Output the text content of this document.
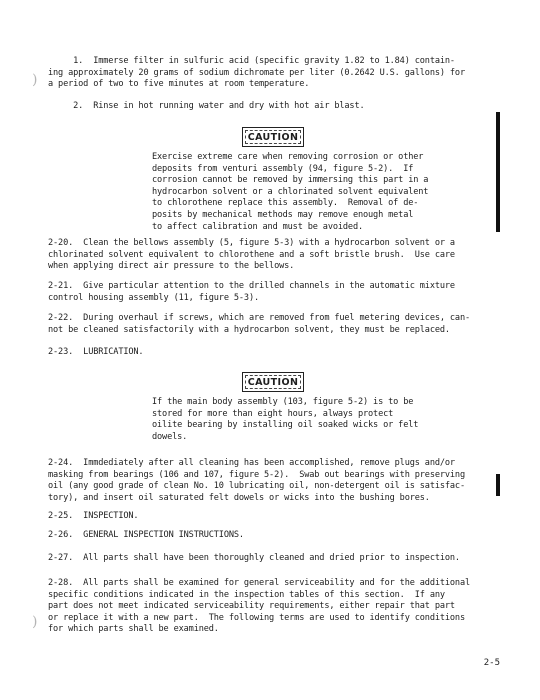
)
)
1.  Immerse filter in sulfuric acid (specific gravity 1.82 to 1.84) contain-
ing approximately 20 grams of sodium dichromate per liter (0.2642 U.S. gallons) for
a period of two to five minutes at room temperature.
2.  Rinse in hot running water and dry with hot air blast.
CAUTION
Exercise extreme care when removing corrosion or other
deposits from venturi assembly (94, figure 5-2).  If
corrosion cannot be removed by immersing this part in a
hydrocarbon solvent or a chlorinated solvent equivalent
to chlorothene replace this assembly.  Removal of de-
posits by mechanical methods may remove enough metal
to affect calibration and must be avoided.
2-20.  Clean the bellows assembly (5, figure 5-3) with a hydrocarbon solvent or a
chlorinated solvent equivalent to chlorothene and a soft bristle brush.  Use care
when applying direct air pressure to the bellows.
2-21.  Give particular attention to the drilled channels in the automatic mixture
control housing assembly (11, figure 5-3).
2-22.  During overhaul if screws, which are removed from fuel metering devices, can-
not be cleaned satisfactorily with a hydrocarbon solvent, they must be replaced.
2-23.  LUBRICATION.
CAUTION
If the main body assembly (103, figure 5-2) is to be
stored for more than eight hours, always protect
oilite bearing by installing oil soaked wicks or felt
dowels.
2-24.  Immdediately after all cleaning has been accomplished, remove plugs and/or
masking from bearings (106 and 107, figure 5-2).  Swab out bearings with preserving
oil (any good grade of clean No. 10 lubricating oil, non-detergent oil is satisfac-
tory), and insert oil saturated felt dowels or wicks into the bushing bores.
2-25.  INSPECTION.
2-26.  GENERAL INSPECTION INSTRUCTIONS.
2-27.  All parts shall have been thoroughly cleaned and dried prior to inspection.
2-28.  All parts shall be examined for general serviceability and for the additional
specific conditions indicated in the inspection tables of this section.  If any
part does not meet indicated serviceability requirements, either repair that part
or replace it with a new part.  The following terms are used to identify conditions
for which parts shall be examined.
2-5
